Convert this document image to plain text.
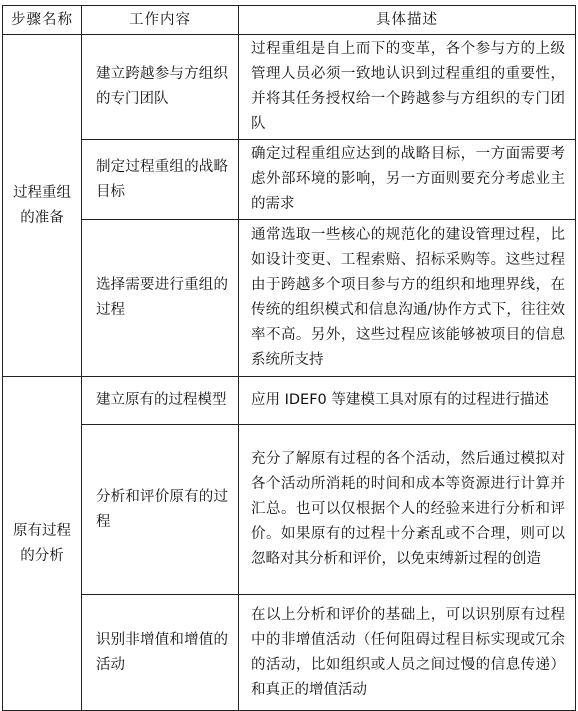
步骤名称	工作内容	具体描述
过程重组的准备	建立跨越参与方组织的专门团队	过程重组是自上而下的变革，各个参与方的上级管理人员必须一致地认识到过程重组的重要性，并将其任务授权给一个跨越参与方组织的专门团队
	制定过程重组的战略目标	确定过程重组应达到的战略目标，一方面需要考虑外部环境的影响，另一方面则要充分考虑业主的需求
	选择需要进行重组的过程	通常选取一些核心的规范化的建设管理过程，比如设计变更、工程索赔、招标采购等。这些过程由于跨越多个项目参与方的组织和地理界线，在传统的组织模式和信息沟通/协作方式下，往往效率不高。另外，这些过程应该能够被项目的信息系统所支持
原有过程的分析	建立原有的过程模型	应用 IDEF0 等建模工具对原有的过程进行描述
	分析和评价原有的过程	充分了解原有过程的各个活动，然后通过模拟对各个活动所消耗的时间和成本等资源进行计算并汇总。也可以仅根据个人的经验来进行分析和评价。如果原有的过程十分紊乱或不合理，则可以忽略对其分析和评价，以免束缚新过程的创造
	识别非增值和增值的活动	在以上分析和评价的基础上，可以识别原有过程中的非增值活动（任何阻碍过程目标实现或冗余的活动，比如组织或人员之间过慢的信息传递）和真正的增值活动
